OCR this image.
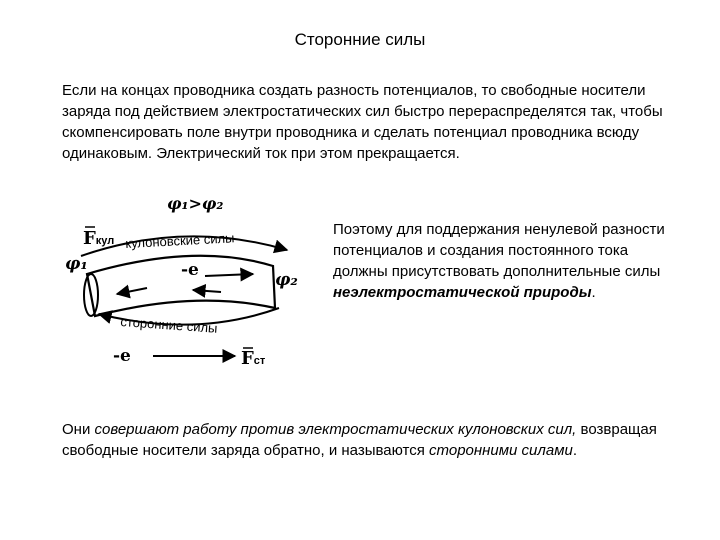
Сторонние силы
Если на концах проводника создать разность потенциалов, то свободные носители заряда под действием электростатических сил быстро перераспределятся так, чтобы скомпенсировать поле внутри проводника и сделать потенциал проводника всюду одинаковым. Электрический ток при этом прекращается.
φ₁>φ₂
Fкул кулоновские силы
φ₁
φ₂
-e
сторонние силы
-e	Fст
Поэтому для поддержания ненулевой разности потенциалов и создания постоянного тока должны присутствовать дополнительные силы неэлектростатической природы.
Они совершают работу против электростатических кулоновских сил, возвращая свободные носители заряда обратно, и называются сторонними силами.
